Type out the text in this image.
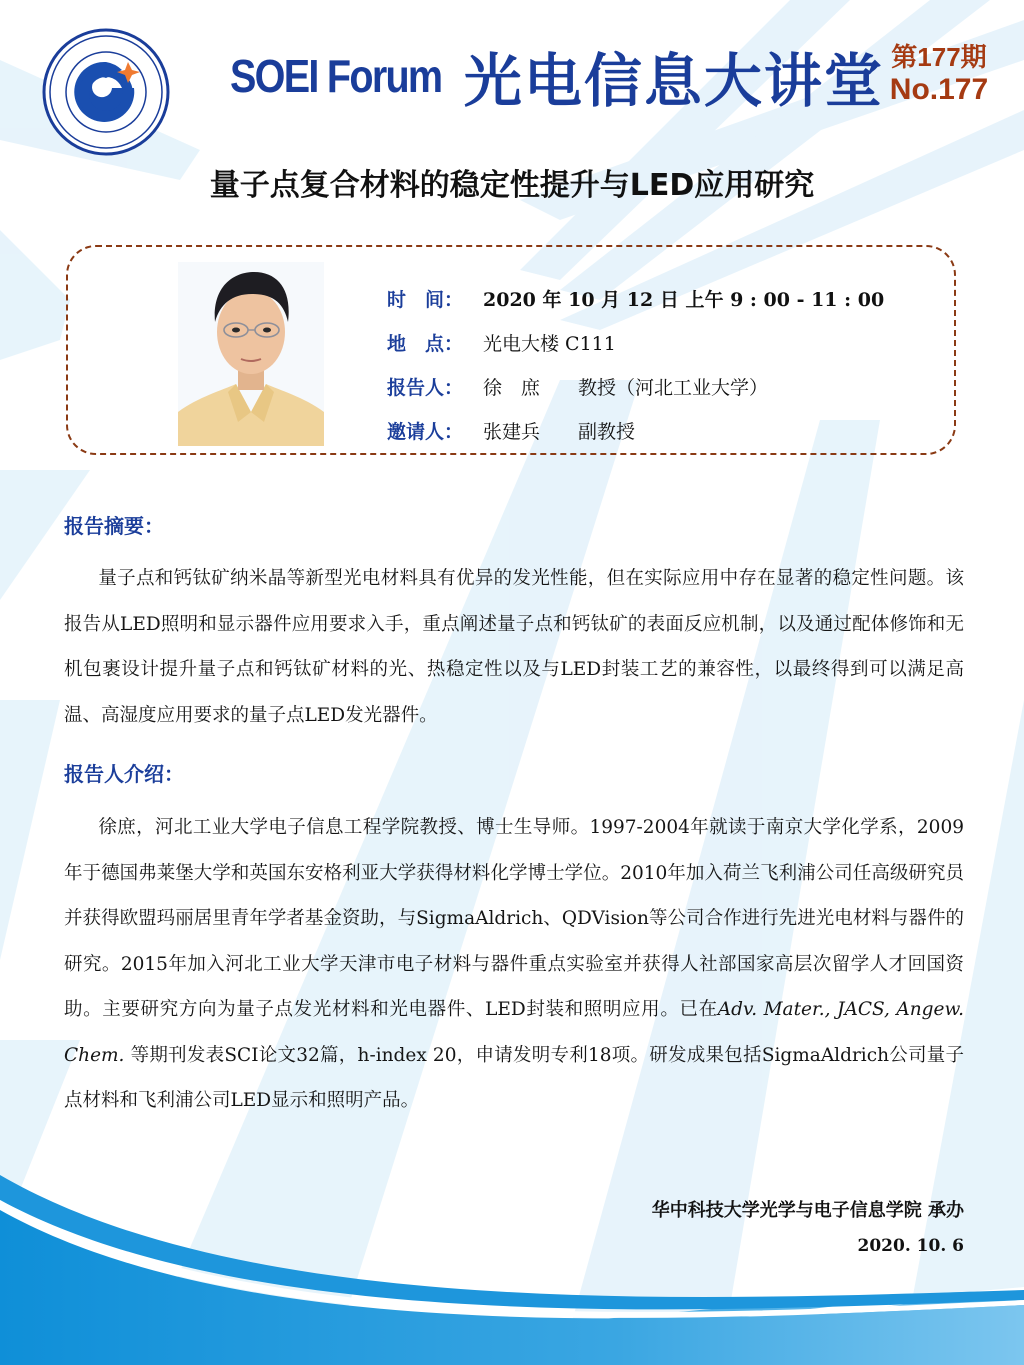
SOEI Forum 光电信息大讲堂 第177期
No.177
量子点复合材料的稳定性提升与LED应用研究
时　间：	2020 年 10 月 12 日 上午 9 : 00 - 11 : 00
地　点：	光电大楼 C111
报告人：	徐　庶　　教授（河北工业大学）
邀请人：	张建兵　　副教授
报告摘要：
量子点和钙钛矿纳米晶等新型光电材料具有优异的发光性能，但在实际应用中存在显著的稳定性问题。该报告从LED照明和显示器件应用要求入手，重点阐述量子点和钙钛矿的表面反应机制，以及通过配体修饰和无机包裹设计提升量子点和钙钛矿材料的光、热稳定性以及与LED封装工艺的兼容性，以最终得到可以满足高温、高湿度应用要求的量子点LED发光器件。
报告人介绍：
徐庶，河北工业大学电子信息工程学院教授、博士生导师。1997-2004年就读于南京大学化学系，2009年于德国弗莱堡大学和英国东安格利亚大学获得材料化学博士学位。2010年加入荷兰飞利浦公司任高级研究员并获得欧盟玛丽居里青年学者基金资助，与SigmaAldrich、QDVision等公司合作进行先进光电材料与器件的研究。2015年加入河北工业大学天津市电子材料与器件重点实验室并获得人社部国家高层次留学人才回国资助。主要研究方向为量子点发光材料和光电器件、LED封装和照明应用。已在Adv. Mater., JACS, Angew. Chem. 等期刊发表SCI论文32篇，h-index 20，申请发明专利18项。研发成果包括SigmaAldrich公司量子点材料和飞利浦公司LED显示和照明产品。
华中科技大学光学与电子信息学院 承办
2020. 10. 6
